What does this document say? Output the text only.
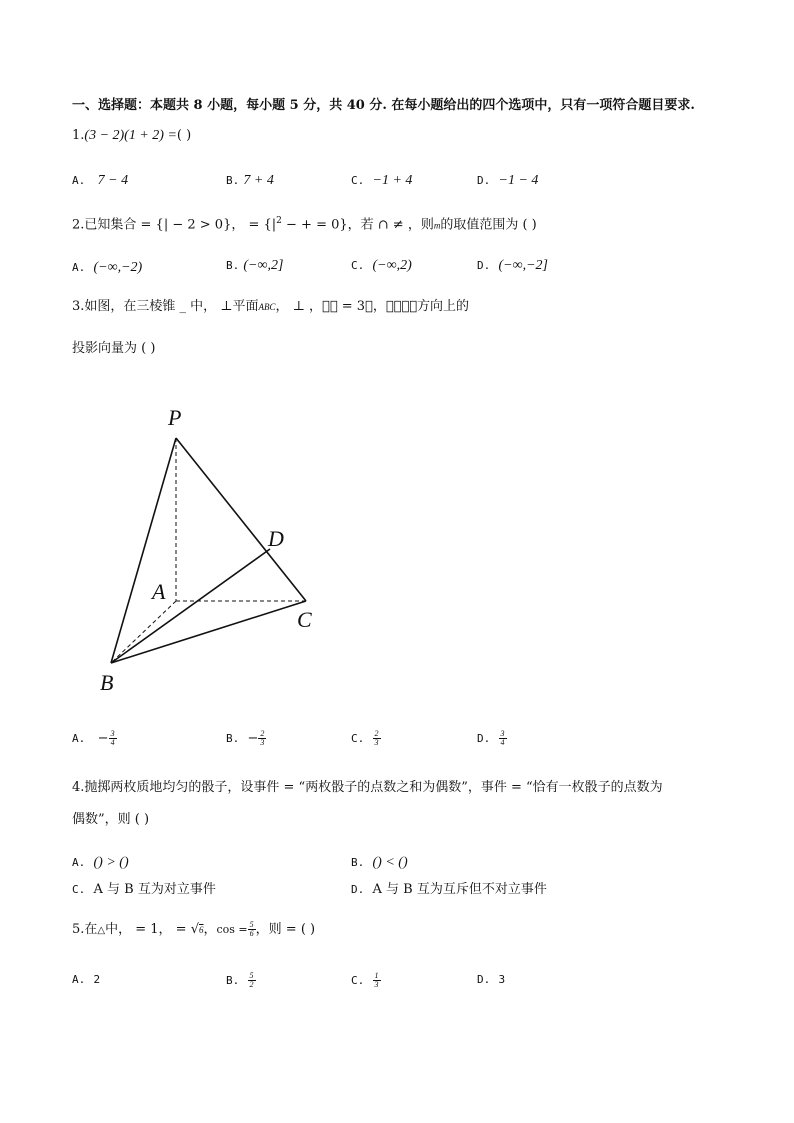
一、选择题：本题共 8 小题，每小题 5 分，共 40 分. 在每小题给出的四个选项中，只有一项符合题目要求.
1.(3 − 2)(1 + 2) =( )
A. 7 − 4	B. 7 + 4	C. −1 + 4	D. −1 − 4
2.已知集合 = {| − 2 > 0}， = {$|^2$ − + = 0}，若 ∩ ≠ ，则m的取值范围为 ( )
A. (−∞,−2)	B. (−∞,2]	C. (−∞,2)	D. (−∞,−2]
3.如图，在三棱锥 _ 中， ⊥平面ABC， ⊥ ，且⃗ = 3⃗，则⃗在⃗方向上的
投影向量为 ( )
P
A
B
C
D
A. − $\frac{3}{4}$	B. − $\frac{2}{3}$	C. $\frac{2}{3}$	D. $\frac{3}{4}$
4.抛掷两枚质地均匀的骰子，设事件 = “两枚骰子的点数之和为偶数”，事件 = “恰有一枚骰子的点数为
偶数”，则 ( )
A. () > ()	B. () < ()
C. A 与 B 互为对立事件	D. A 与 B 互为互斥但不对立事件
5.在△中， = 1， = √6，$\cos = \frac{5}{6}$ ，则 = ( )
A. 2	B. $\frac{5}{2}$	C. $\frac{1}{3}$	D. 3
